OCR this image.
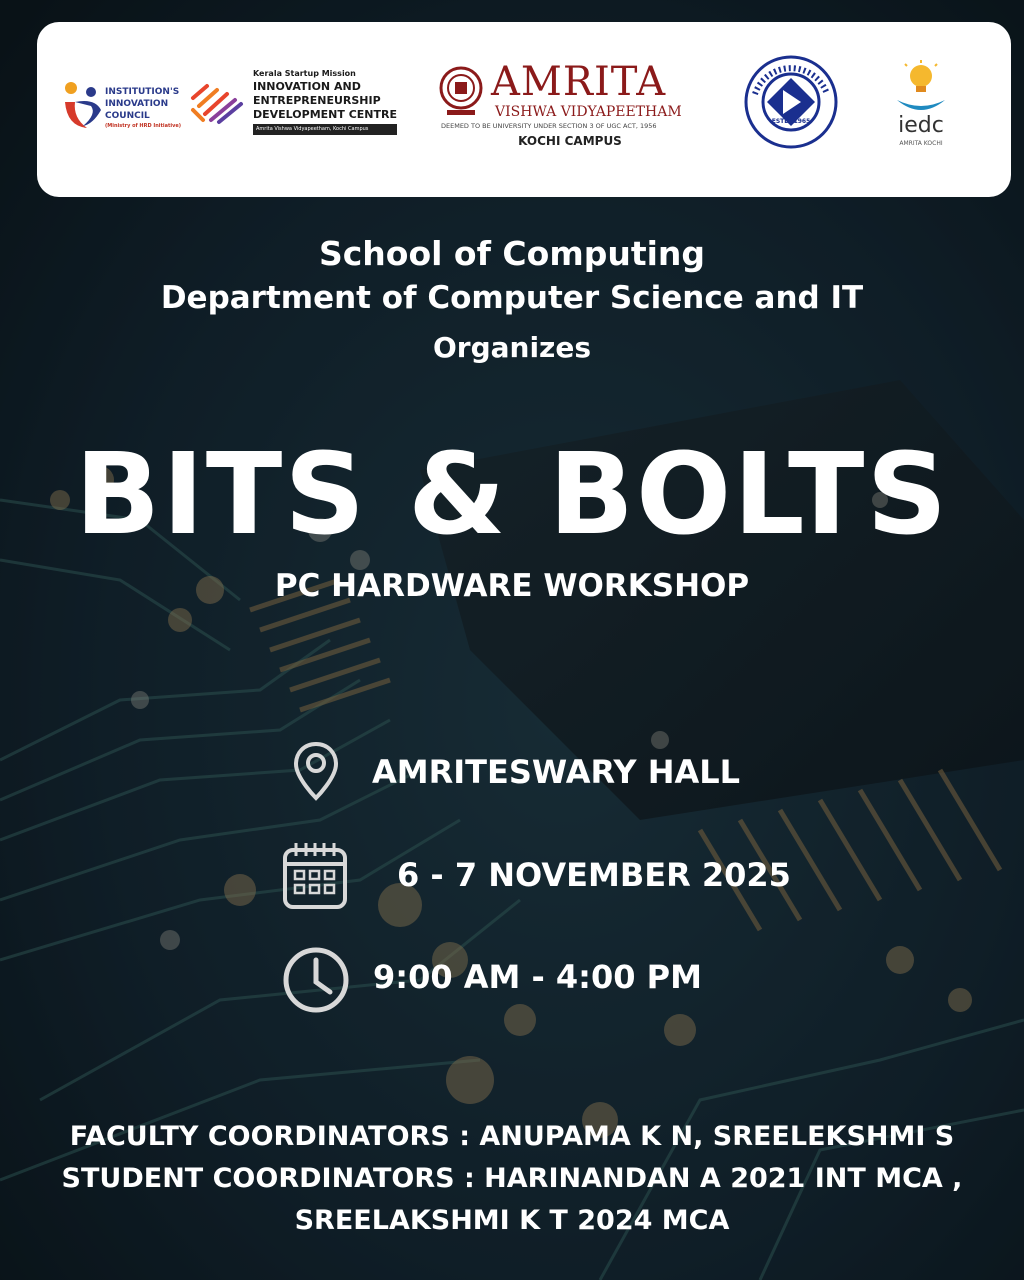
INSTITUTION'S
INNOVATION
COUNCIL
(Ministry of HRD Initiative)
Kerala Startup Mission
INNOVATION AND
ENTREPRENEURSHIP
DEVELOPMENT CENTRE
Amrita Vishwa Vidyapeetham, Kochi Campus
AMRITA
VISHWA VIDYAPEETHAM
DEEMED TO BE UNIVERSITY UNDER SECTION 3 OF UGC ACT, 1956
KOCHI CAMPUS
ESTD. 1965	iedc
AMRITA KOCHI
School of Computing
Department of Computer Science and IT
Organizes
BITS & BOLTS
PC HARDWARE WORKSHOP
AMRITESWARY HALL
6 - 7 NOVEMBER 2025
9:00 AM - 4:00 PM
FACULTY COORDINATORS : ANUPAMA K N, SREELEKSHMI S
STUDENT COORDINATORS : HARINANDAN A 2021 INT MCA ,
SREELAKSHMI K T 2024 MCA
